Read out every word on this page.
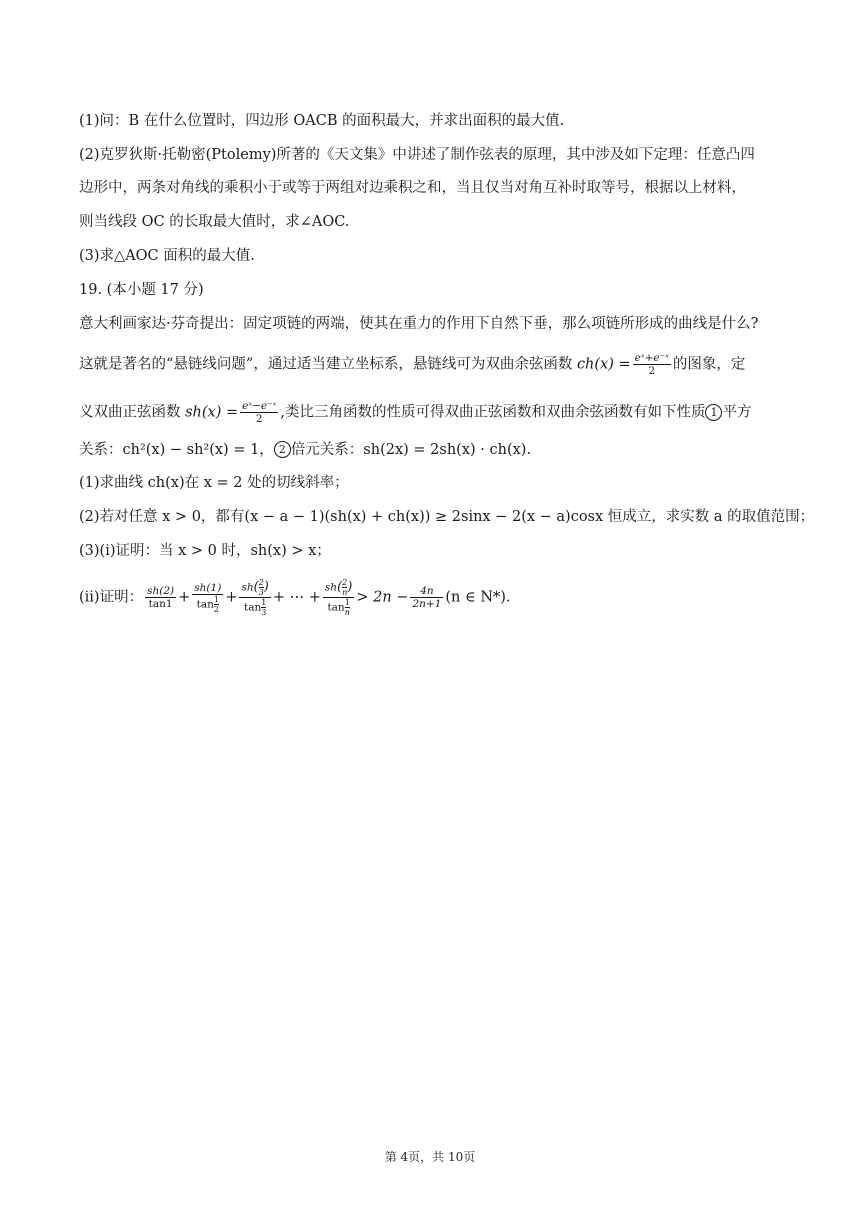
(1)问：B 在什么位置时，四边形 OACB 的面积最大，并求出面积的最大值.
(2)克罗狄斯·托勒密(Ptolemy)所著的《天文集》中讲述了制作弦表的原理，其中涉及如下定理：任意凸四
边形中，两条对角线的乘积小于或等于两组对边乘积之和，当且仅当对角互补时取等号，根据以上材料，
则当线段 OC 的长取最大值时，求∠AOC.
(3)求△AOC 面积的最大值.
19. (本小题 17 分)
意大利画家达·芬奇提出：固定项链的两端，使其在重力的作用下自然下垂，那么项链所形成的曲线是什么?
这就是著名的“悬链线问题”，通过适当建立坐标系，悬链线可为双曲余弦函数 $ch(x) = \frac{\text{eˣ+e⁻ˣ}}{2}$ 的图象，定
义双曲正弦函数 $sh(x) = \frac{\text{eˣ−e⁻ˣ}}{2}$ ,类比三角函数的性质可得双曲正弦函数和双曲余弦函数有如下性质 1 平方
关系：ch²(x) − sh²(x) = 1， 2 倍元关系：sh(2x) = 2sh(x) · ch(x).
(1)求曲线 ch(x)在 x = 2 处的切线斜率；
(2)若对任意 x > 0，都有(x − a − 1)(sh(x) + ch(x)) ≥ 2sinx − 2(x − a)cosx 恒成立，求实数 a 的取值范围；
(3)(i)证明：当 x > 0 时，sh(x) > x；
(ii)证明： $\frac{sh(2)}{\tan 1} + \frac{sh(1)}{\tan \frac{1}{2}} + \frac{sh( \frac{2}{3} )}{\tan \frac{1}{3}}$ + ⋯ + $\frac{sh( \frac{2}{n} )}{\tan \frac{1}{n}} > 2n - \frac{4n}{2n+1} (n$ ∈ N*).
第 4页，共 10页
